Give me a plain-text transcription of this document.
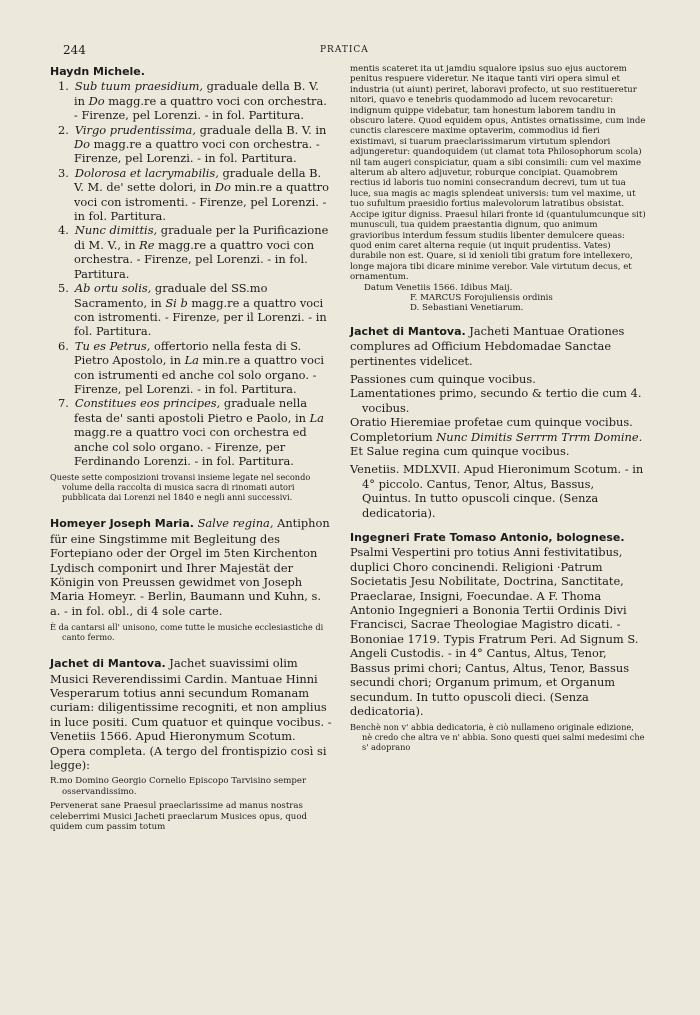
244	PRATICA

Haydn Michele.

1. Sub tuum praesidium, graduale della B. V. in Do magg.re a quattro voci con orchestra. - Firenze, pel Lorenzi. - in fol. Partitura.

2. Virgo prudentissima, graduale della B. V. in Do magg.re a quattro voci con orchestra. - Firenze, pel Lorenzi. - in fol. Partitura.

3. Dolorosa et lacrymabilis, graduale della B. V. M. de' sette dolori, in Do min.re a quattro voci con istromenti. - Firenze, pel Lorenzi. - in fol. Partitura.

4. Nunc dimittis, graduale per la Purificazione di M. V., in Re magg.re a quattro voci con orchestra. - Firenze, pel Lorenzi. - in fol. Partitura.

5. Ab ortu solis, graduale del SS.mo Sacramento, in Si b magg.re a quattro voci con istromenti. - Firenze, per il Lorenzi. - in fol. Partitura.

6. Tu es Petrus, offertorio nella festa di S. Pietro Apostolo, in La min.re a quattro voci con istrumenti ed anche col solo organo. - Firenze, pel Lorenzi. - in fol. Partitura.

7. Constitues eos principes, graduale nella festa de' santi apostoli Pietro e Paolo, in La magg.re a quattro voci con orchestra ed anche col solo organo. - Firenze, per Ferdinando Lorenzi. - in fol. Partitura.

Queste sette composizioni trovansi insieme legate nel secondo volume della raccolta di musica sacra di rinomati autori pubblicata dai Lorenzi nel 1840 e negli anni successivi.

Homeyer Joseph Maria. Salve regina, Antiphon für eine Singstimme mit Begleitung des Fortepiano oder der Orgel im 5ten Kirchenton Lydisch componirt und Ihrer Majestät der Königin von Preussen gewidmet von Joseph Maria Homeyr. - Berlin, Baumann und Kuhn, s. a. - in fol. obl., di 4 sole carte.

È da cantarsi all' unisono, come tutte le musiche ecclesiastiche di canto fermo.

Jachet di Mantova. Jachet suavissimi olim Musici Reverendissimi Cardin. Mantuae Hinni Vesperarum totius anni secundum Romanam curiam: diligentissime recogniti, et non amplius in luce positi. Cum quatuor et quinque vocibus. - Venetiis 1566. Apud Hieronymum Scotum. Opera completa. (A tergo del frontispizio così si legge):

R.mo Domino Georgio Cornelio Episcopo Tarvisino semper osservandissimo.

Pervenerat sane Praesul praeclarissime ad manus nostras celeberrimi Musici Jacheti praeclarum Musices opus, quod quidem cum passim totum

mentis scateret ita ut jamdiu squalore ipsius suo ejus auctorem penitus respuere videretur. Ne itaque tanti viri opera simul et industria (ut aiunt) periret, laboravi profecto, ut suo restitueretur nitori, quavo e tenebris quodammodo ad lucem revocaretur: indignum quippe videbatur, tam honestum laborem tandiu in obscuro latere. Quod equidem opus, Antistes ornatissime, cum inde cunctis clarescere maxime optaverim, commodius id fieri existimavi, si tuarum praeclarissimarum virtutum splendori adjungeretur: quandoquidem (ut clamat tota Philosophorum scola) nil tam augeri conspiciatur, quam a sibi consimili: cum vel maxime alterum ab altero adjuvetur, roburque concipiat. Quamobrem rectius id laboris tuo nomini consecrandum decrevi, tum ut tua luce, sua magis ac magis splendeat universis: tum vel maxime, ut tuo sufultum praesidio fortius malevolorum latratibus obsistat. Accipe igitur digniss. Praesul hilari fronte id (quantulumcunque sit) munusculi, tua quidem praestantia dignum, quo animum gravioribus interdum fessum studiis libenter demulcere queas: quod enim caret alterna requie (ut inquit prudentiss. Vates) durabile non est. Quare, si id xenioli tibi gratum fore intellexero, longe majora tibi dicare minime verebor. Vale virtutum decus, et ornamentum.

Datum Venetiis 1566. Idibus Maij.

F. MARCUS Forojuliensis ordinis

D. Sebastiani Venetiarum.

Jachet di Mantova. Jacheti Mantuae Orationes complures ad Officium Hebdomadae Sanctae pertinentes videlicet.

Passiones cum quinque vocibus.

Lamentationes primo, secundo & tertio die cum 4. vocibus.

Oratio Hieremiae profetae cum quinque vocibus.

Completorium Nunc Dimitis Serrrm Trrm Domine.

Et Salue regina cum quinque vocibus.

Venetiis. MDLXVII. Apud Hieronimum Scotum. - in 4° piccolo. Cantus, Tenor, Altus, Bassus, Quintus. In tutto opuscoli cinque. (Senza dedicatoria).

Ingegneri Frate Tomaso Antonio, bolognese. Psalmi Vespertini pro totius Anni festivitatibus, duplici Choro concinendi. Religioni ·Patrum Societatis Jesu Nobilitate, Doctrina, Sanctitate, Praeclarae, Insigni, Foecundae. A F. Thoma Antonio Ingegnieri a Bononia Tertii Ordinis Divi Francisci, Sacrae Theologiae Magistro dicati. - Bononiae 1719. Typis Fratrum Peri. Ad Signum S. Angeli Custodis. - in 4° Cantus, Altus, Tenor, Bassus primi chori; Cantus, Altus, Tenor, Bassus secundi chori; Organum primum, et Organum secundum. In tutto opuscoli dieci. (Senza dedicatoria).

Benchè non v' abbia dedicatoria, è ciò nullameno originale edizione, nè credo che altra ve n' abbia. Sono questi quei salmi medesimi che s' adoprano
